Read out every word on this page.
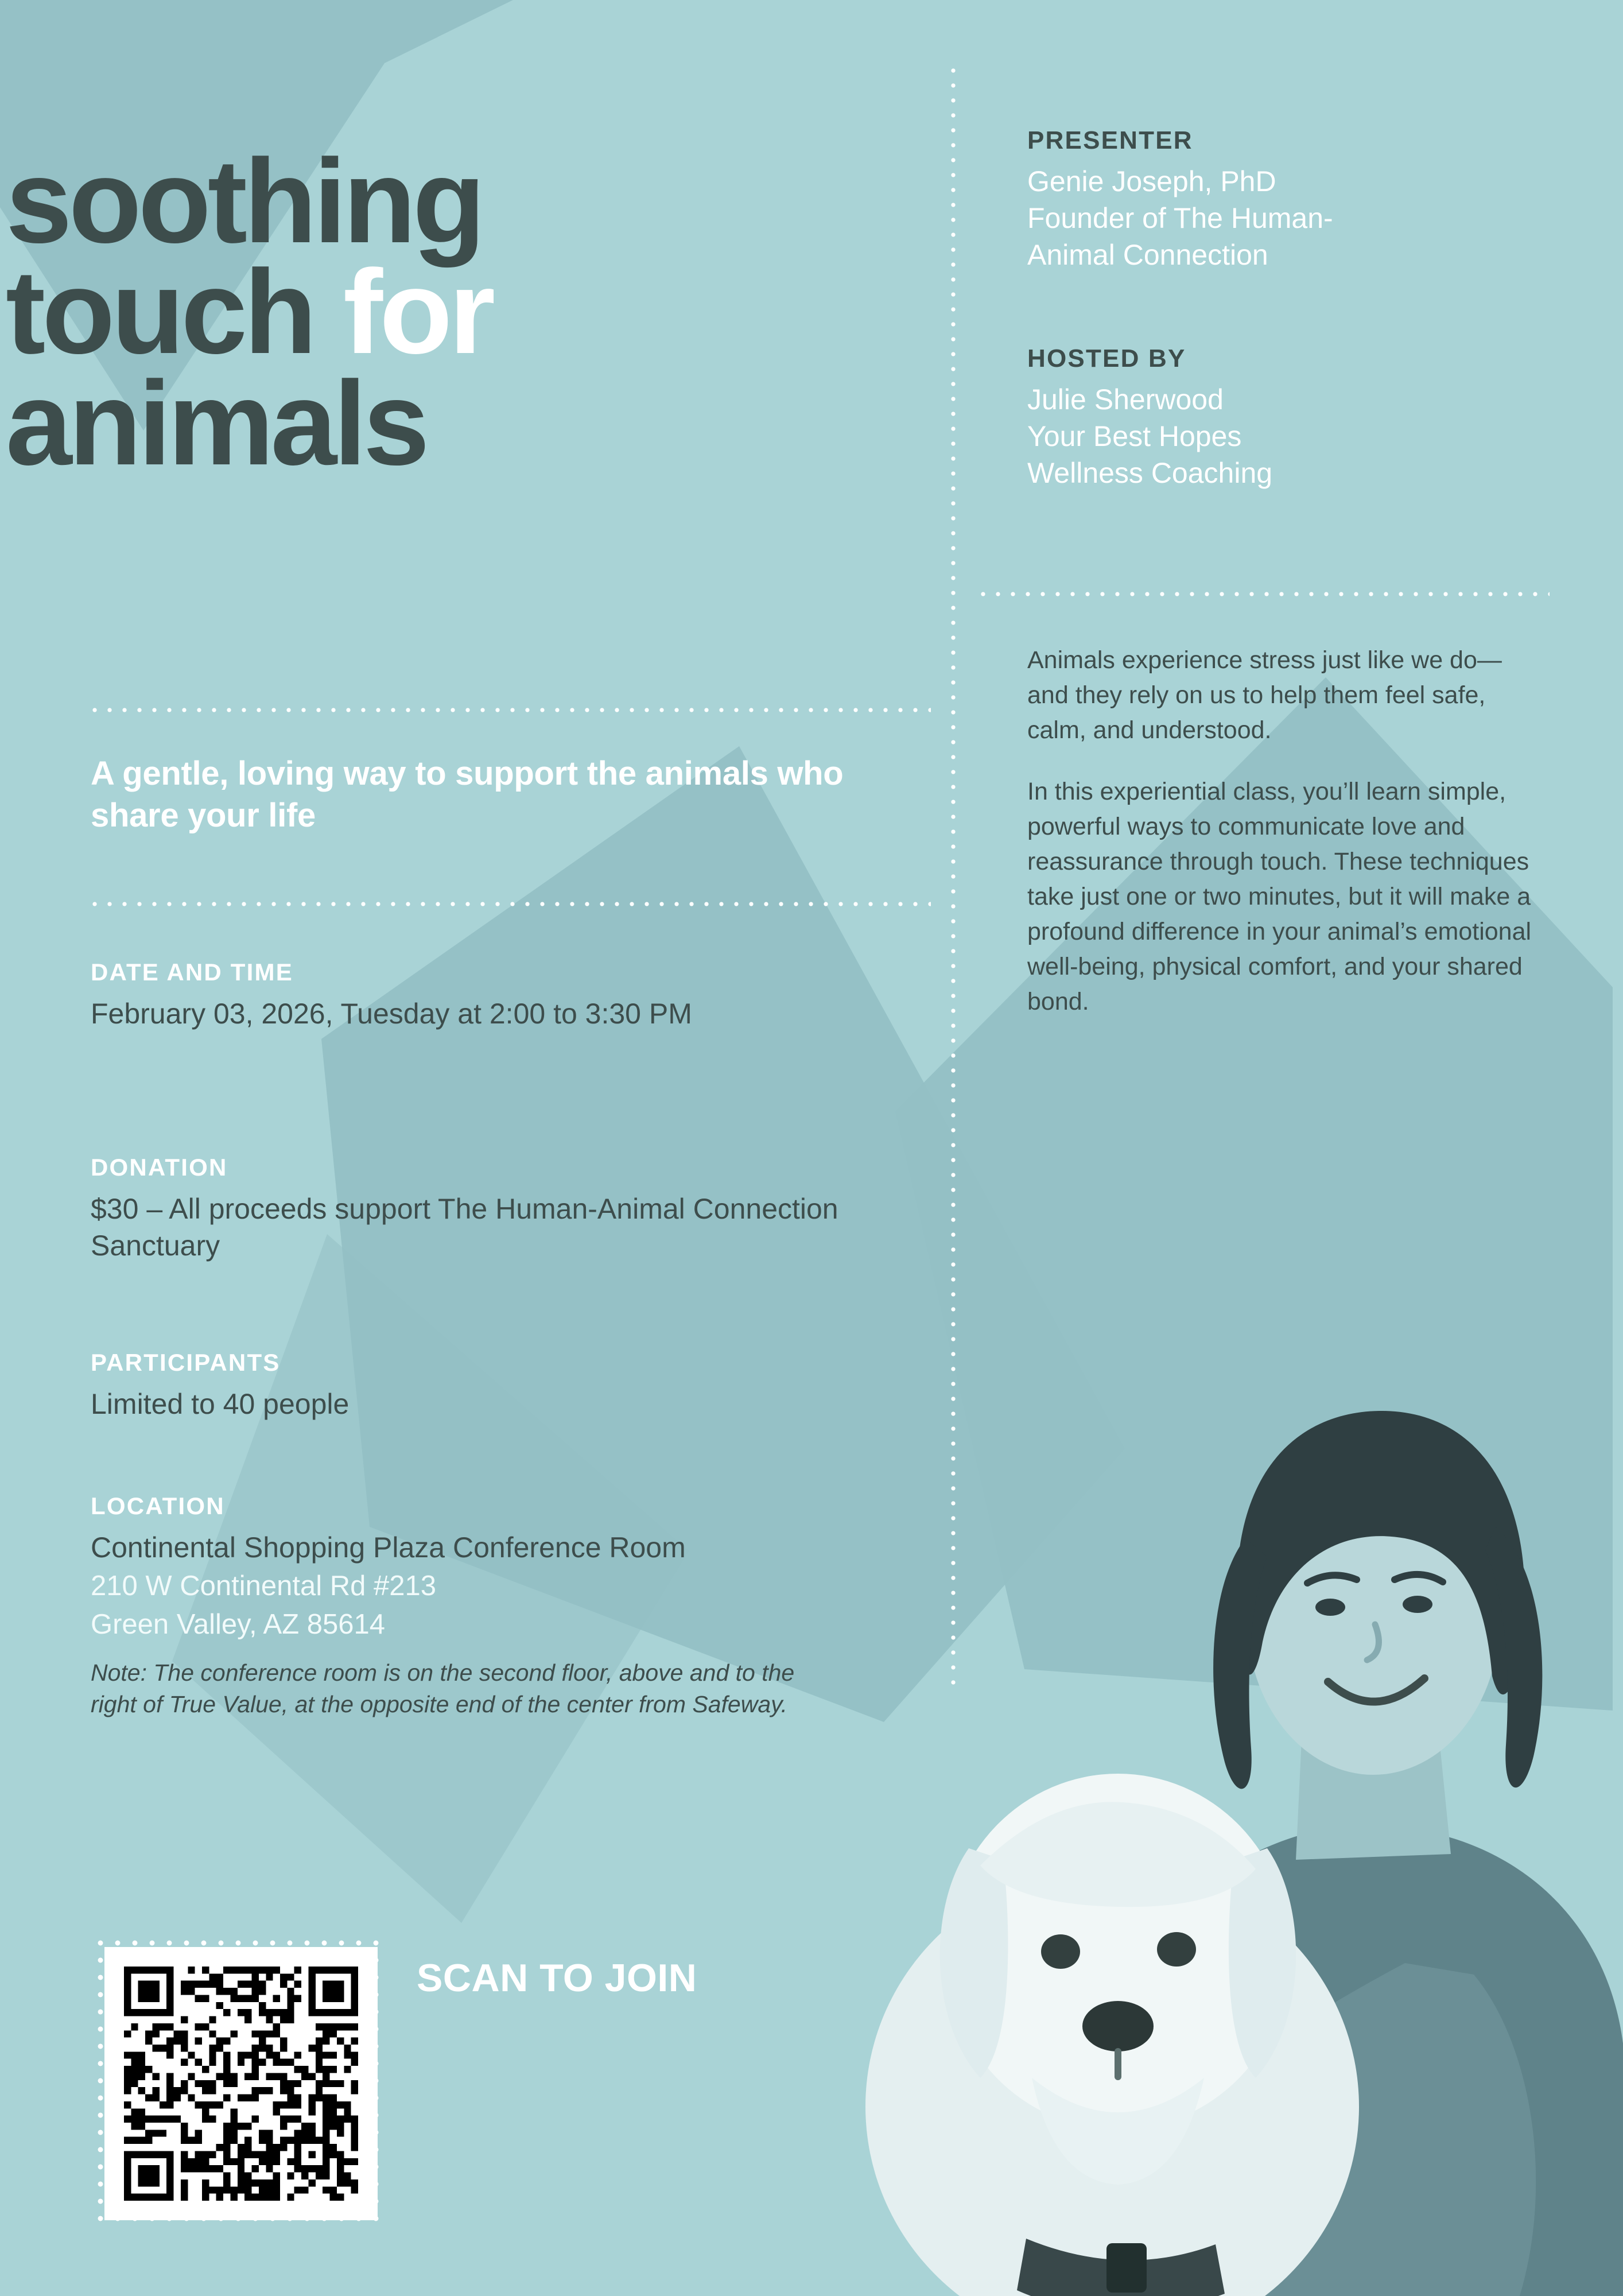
soothing
touch for
animals
A gentle, loving way to support the animals who share your life
DATE AND TIME
February 03, 2026, Tuesday at 2:00 to 3:30 PM
DONATION
$30 – All proceeds support The Human-Animal Connection Sanctuary
PARTICIPANTS
Limited to 40 people
LOCATION
Continental Shopping Plaza Conference Room
210 W Continental Rd #213
Green Valley, AZ 85614
Note: The conference room is on the second floor, above and to the right of True Value, at the opposite end of the center from Safeway.
SCAN TO JOIN
PRESENTER
Genie Joseph, PhD
Founder of The Human-
Animal Connection
HOSTED BY
Julie Sherwood
Your Best Hopes
Wellness Coaching

Animals experience stress just like we do—and they rely on us to help them feel safe, calm, and understood.

In this experiential class, you’ll learn simple, powerful ways to communicate love and reassurance through touch. These techniques take just one or two minutes, but it will make a profound difference in your animal’s emotional well-being, physical comfort, and your shared bond.
